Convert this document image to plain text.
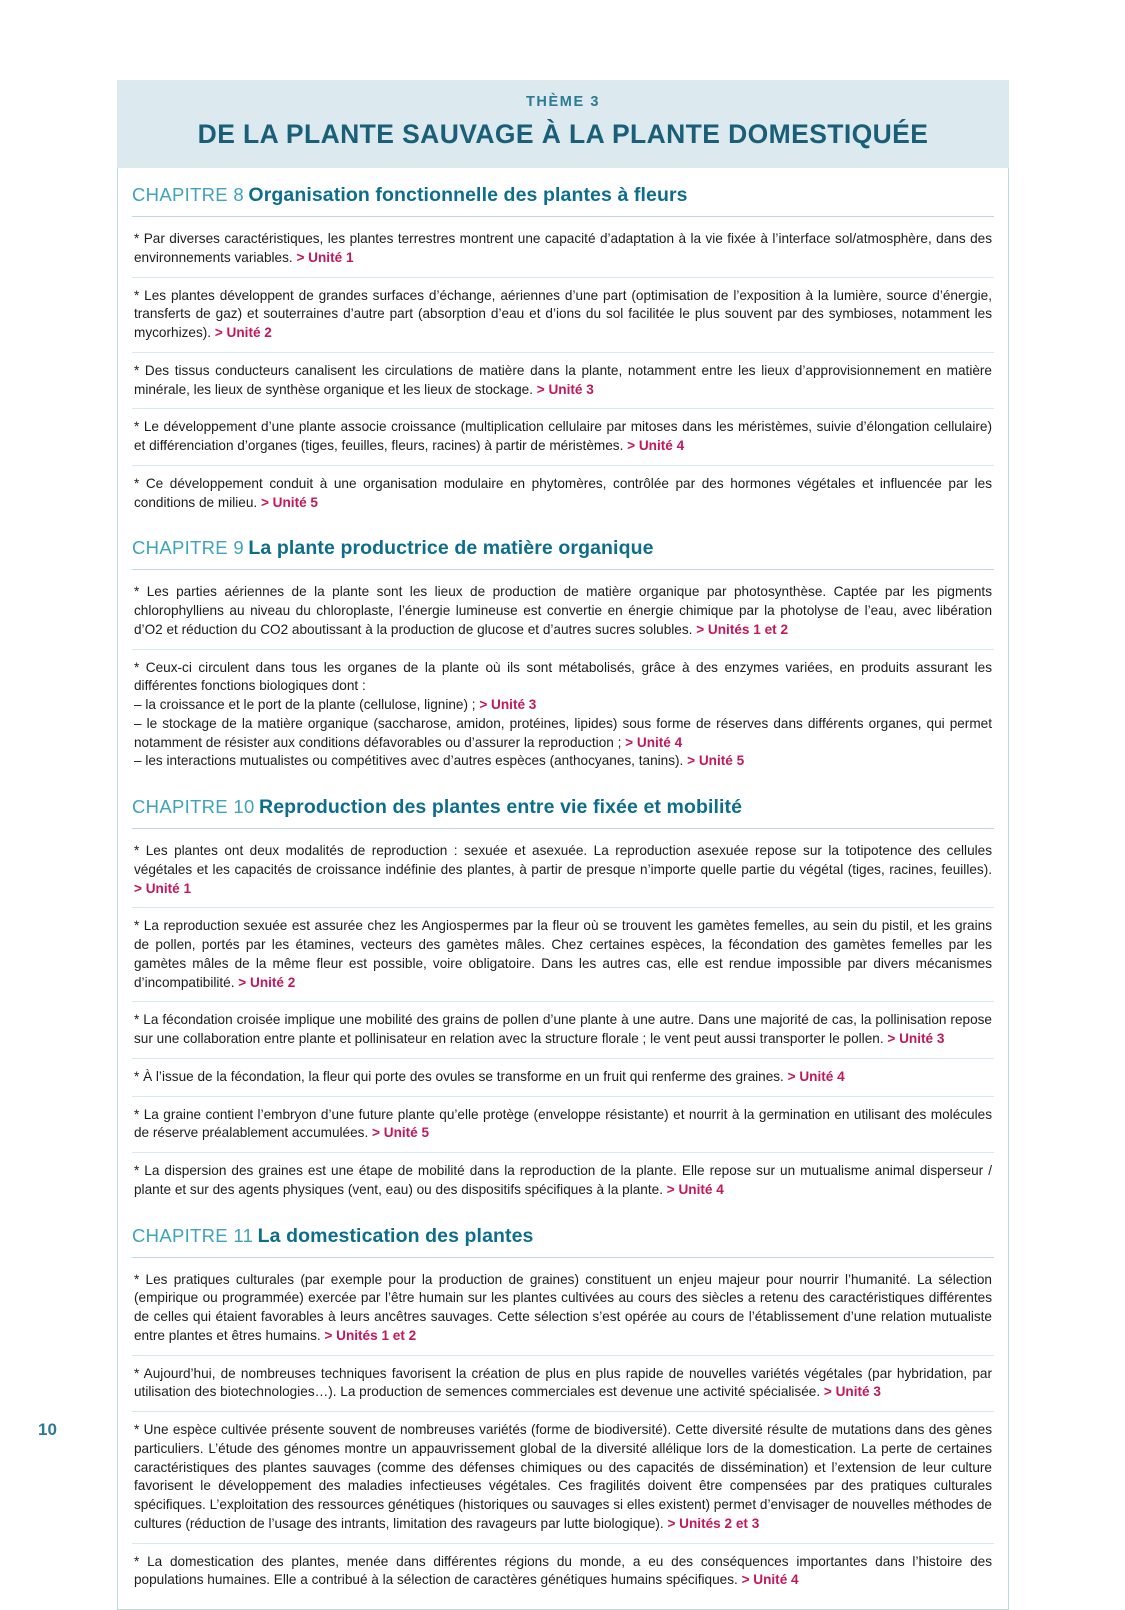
THÈME 3
DE LA PLANTE SAUVAGE À LA PLANTE DOMESTIQUÉE
CHAPITRE 8 Organisation fonctionnelle des plantes à fleurs
* Par diverses caractéristiques, les plantes terrestres montrent une capacité d’adaptation à la vie fixée à l’interface sol/atmosphère, dans des environnements variables. > Unité 1
* Les plantes développent de grandes surfaces d’échange, aériennes d’une part (optimisation de l’exposition à la lumière, source d’énergie, transferts de gaz) et souterraines d’autre part (absorption d’eau et d’ions du sol facilitée le plus souvent par des symbioses, notamment les mycorhizes). > Unité 2
* Des tissus conducteurs canalisent les circulations de matière dans la plante, notamment entre les lieux d’approvisionnement en matière minérale, les lieux de synthèse organique et les lieux de stockage. > Unité 3
* Le développement d’une plante associe croissance (multiplication cellulaire par mitoses dans les méristèmes, suivie d’élongation cellulaire) et différenciation d’organes (tiges, feuilles, fleurs, racines) à partir de méristèmes. > Unité 4
* Ce développement conduit à une organisation modulaire en phytomères, contrôlée par des hormones végétales et influencée par les conditions de milieu. > Unité 5
CHAPITRE 9 La plante productrice de matière organique
* Les parties aériennes de la plante sont les lieux de production de matière organique par photosynthèse. Captée par les pigments chlorophylliens au niveau du chloroplaste, l’énergie lumineuse est convertie en énergie chimique par la photolyse de l’eau, avec libération d’O2 et réduction du CO2 aboutissant à la production de glucose et d’autres sucres solubles. > Unités 1 et 2
* Ceux-ci circulent dans tous les organes de la plante où ils sont métabolisés, grâce à des enzymes variées, en produits assurant les différentes fonctions biologiques dont :
– la croissance et le port de la plante (cellulose, lignine) ; > Unité 3
– le stockage de la matière organique (saccharose, amidon, protéines, lipides) sous forme de réserves dans différents organes, qui permet notamment de résister aux conditions défavorables ou d’assurer la reproduction ; > Unité 4
– les interactions mutualistes ou compétitives avec d’autres espèces (anthocyanes, tanins). > Unité 5
CHAPITRE 10 Reproduction des plantes entre vie fixée et mobilité
* Les plantes ont deux modalités de reproduction : sexuée et asexuée. La reproduction asexuée repose sur la totipotence des cellules végétales et les capacités de croissance indéfinie des plantes, à partir de presque n’importe quelle partie du végétal (tiges, racines, feuilles). > Unité 1
* La reproduction sexuée est assurée chez les Angiospermes par la fleur où se trouvent les gamètes femelles, au sein du pistil, et les grains de pollen, portés par les étamines, vecteurs des gamètes mâles. Chez certaines espèces, la fécondation des gamètes femelles par les gamètes mâles de la même fleur est possible, voire obligatoire. Dans les autres cas, elle est rendue impossible par divers mécanismes d’incompatibilité. > Unité 2
* La fécondation croisée implique une mobilité des grains de pollen d’une plante à une autre. Dans une majorité de cas, la pollinisation repose sur une collaboration entre plante et pollinisateur en relation avec la structure florale ; le vent peut aussi transporter le pollen. > Unité 3
* À l’issue de la fécondation, la fleur qui porte des ovules se transforme en un fruit qui renferme des graines. > Unité 4
* La graine contient l’embryon d’une future plante qu’elle protège (enveloppe résistante) et nourrit à la germination en utilisant des molécules de réserve préalablement accumulées. > Unité 5
* La dispersion des graines est une étape de mobilité dans la reproduction de la plante. Elle repose sur un mutualisme animal disperseur / plante et sur des agents physiques (vent, eau) ou des dispositifs spécifiques à la plante. > Unité 4
CHAPITRE 11 La domestication des plantes
* Les pratiques culturales (par exemple pour la production de graines) constituent un enjeu majeur pour nourrir l’humanité. La sélection (empirique ou programmée) exercée par l’être humain sur les plantes cultivées au cours des siècles a retenu des caractéristiques différentes de celles qui étaient favorables à leurs ancêtres sauvages. Cette sélection s’est opérée au cours de l’établissement d’une relation mutualiste entre plantes et êtres humains. > Unités 1 et 2
* Aujourd’hui, de nombreuses techniques favorisent la création de plus en plus rapide de nouvelles variétés végétales (par hybridation, par utilisation des biotechnologies…). La production de semences commerciales est devenue une activité spécialisée. > Unité 3
* Une espèce cultivée présente souvent de nombreuses variétés (forme de biodiversité). Cette diversité résulte de mutations dans des gènes particuliers. L’étude des génomes montre un appauvrissement global de la diversité allélique lors de la domestication. La perte de certaines caractéristiques des plantes sauvages (comme des défenses chimiques ou des capacités de dissémination) et l’extension de leur culture favorisent le développement des maladies infectieuses végétales. Ces fragilités doivent être compensées par des pratiques culturales spécifiques. L’exploitation des ressources génétiques (historiques ou sauvages si elles existent) permet d’envisager de nouvelles méthodes de cultures (réduction de l’usage des intrants, limitation des ravageurs par lutte biologique). > Unités 2 et 3
* La domestication des plantes, menée dans différentes régions du monde, a eu des conséquences importantes dans l’histoire des populations humaines. Elle a contribué à la sélection de caractères génétiques humains spécifiques. > Unité 4
10
